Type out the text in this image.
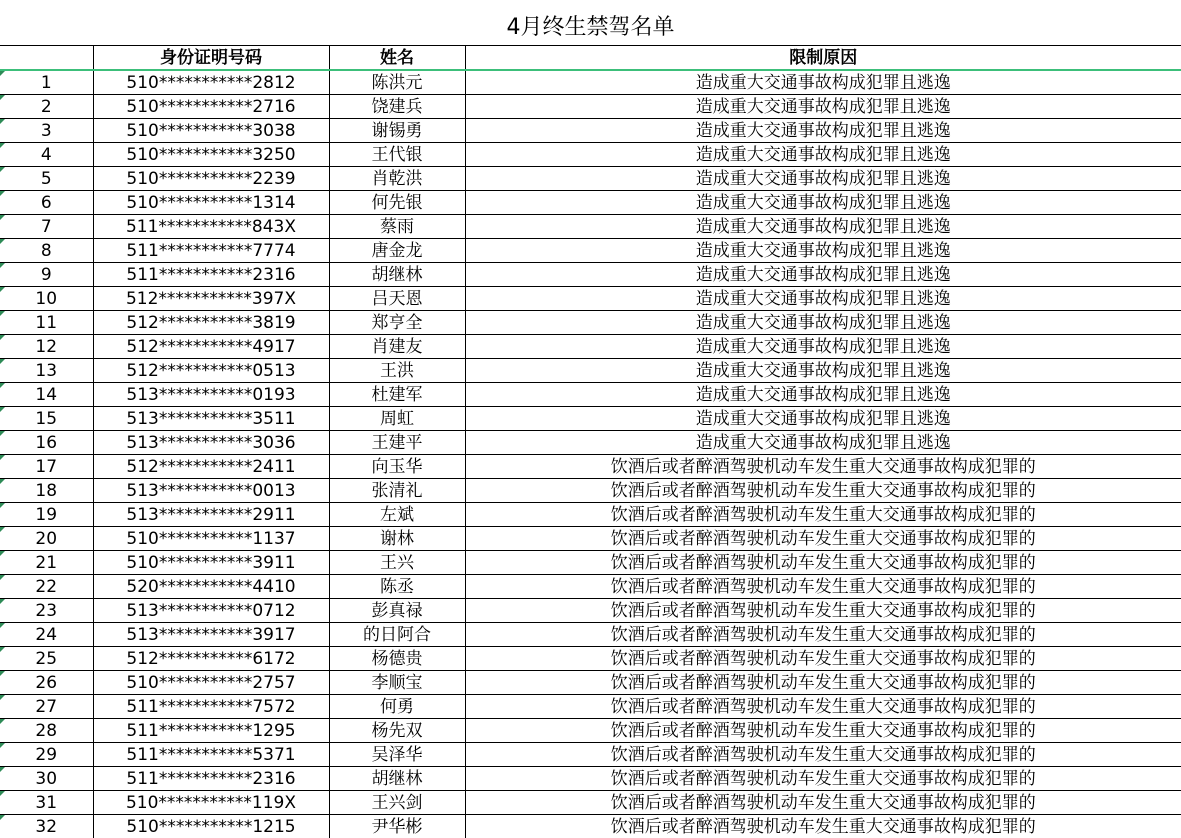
4月终生禁驾名单
	身份证明号码	姓名	限制原因
1	510***********2812	陈洪元	造成重大交通事故构成犯罪且逃逸
2	510***********2716	饶建兵	造成重大交通事故构成犯罪且逃逸
3	510***********3038	谢锡勇	造成重大交通事故构成犯罪且逃逸
4	510***********3250	王代银	造成重大交通事故构成犯罪且逃逸
5	510***********2239	肖乾洪	造成重大交通事故构成犯罪且逃逸
6	510***********1314	何先银	造成重大交通事故构成犯罪且逃逸
7	511***********843X	蔡雨	造成重大交通事故构成犯罪且逃逸
8	511***********7774	唐金龙	造成重大交通事故构成犯罪且逃逸
9	511***********2316	胡继林	造成重大交通事故构成犯罪且逃逸
10	512***********397X	吕天恩	造成重大交通事故构成犯罪且逃逸
11	512***********3819	郑亨全	造成重大交通事故构成犯罪且逃逸
12	512***********4917	肖建友	造成重大交通事故构成犯罪且逃逸
13	512***********0513	王洪	造成重大交通事故构成犯罪且逃逸
14	513***********0193	杜建军	造成重大交通事故构成犯罪且逃逸
15	513***********3511	周虹	造成重大交通事故构成犯罪且逃逸
16	513***********3036	王建平	造成重大交通事故构成犯罪且逃逸
17	512***********2411	向玉华	饮酒后或者醉酒驾驶机动车发生重大交通事故构成犯罪的
18	513***********0013	张清礼	饮酒后或者醉酒驾驶机动车发生重大交通事故构成犯罪的
19	513***********2911	左斌	饮酒后或者醉酒驾驶机动车发生重大交通事故构成犯罪的
20	510***********1137	谢林	饮酒后或者醉酒驾驶机动车发生重大交通事故构成犯罪的
21	510***********3911	王兴	饮酒后或者醉酒驾驶机动车发生重大交通事故构成犯罪的
22	520***********4410	陈丞	饮酒后或者醉酒驾驶机动车发生重大交通事故构成犯罪的
23	513***********0712	彭真禄	饮酒后或者醉酒驾驶机动车发生重大交通事故构成犯罪的
24	513***********3917	的日阿合	饮酒后或者醉酒驾驶机动车发生重大交通事故构成犯罪的
25	512***********6172	杨德贵	饮酒后或者醉酒驾驶机动车发生重大交通事故构成犯罪的
26	510***********2757	李顺宝	饮酒后或者醉酒驾驶机动车发生重大交通事故构成犯罪的
27	511***********7572	何勇	饮酒后或者醉酒驾驶机动车发生重大交通事故构成犯罪的
28	511***********1295	杨先双	饮酒后或者醉酒驾驶机动车发生重大交通事故构成犯罪的
29	511***********5371	吴泽华	饮酒后或者醉酒驾驶机动车发生重大交通事故构成犯罪的
30	511***********2316	胡继林	饮酒后或者醉酒驾驶机动车发生重大交通事故构成犯罪的
31	510***********119X	王兴剑	饮酒后或者醉酒驾驶机动车发生重大交通事故构成犯罪的
32	510***********1215	尹华彬	饮酒后或者醉酒驾驶机动车发生重大交通事故构成犯罪的
